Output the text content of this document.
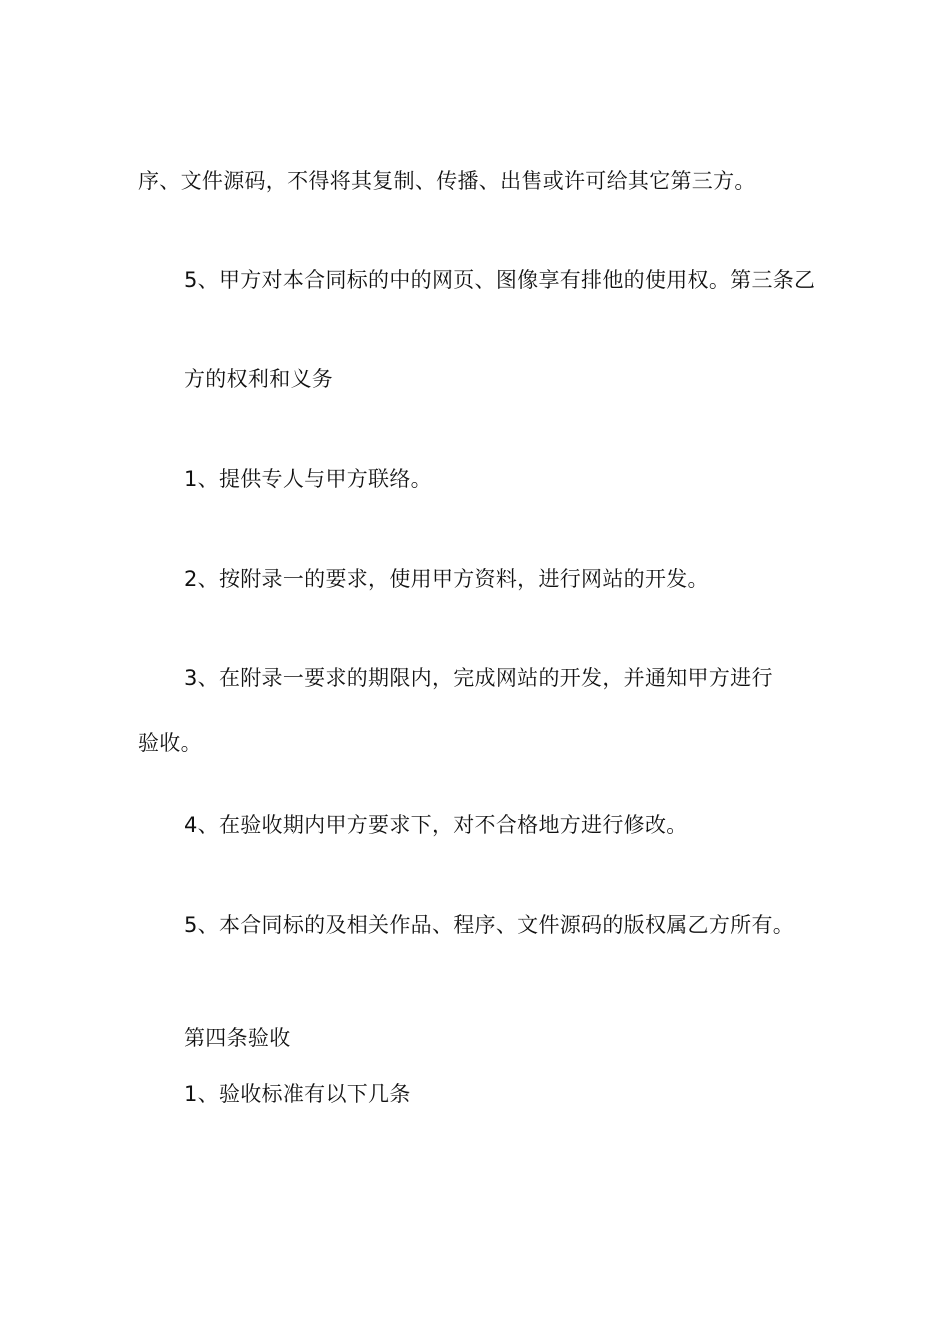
序、文件源码，不得将其复制、传播、出售或许可给其它第三方。
5、甲方对本合同标的中的网页、图像享有排他的使用权。第三条乙
方的权利和义务
1、提供专人与甲方联络。
2、按附录一的要求，使用甲方资料，进行网站的开发。
3、在附录一要求的期限内，完成网站的开发，并通知甲方进行
验收。
4、在验收期内甲方要求下，对不合格地方进行修改。
5、本合同标的及相关作品、程序、文件源码的版权属乙方所有。
第四条验收
1、验收标准有以下几条
